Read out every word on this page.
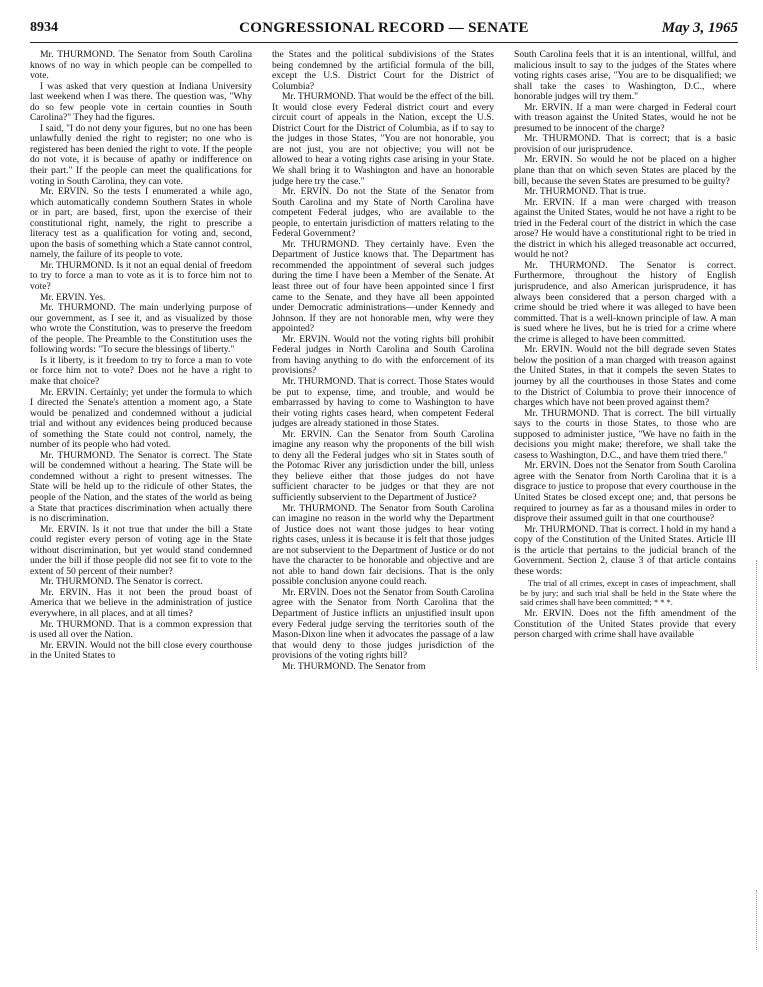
8934	CONGRESSIONAL RECORD — SENATE	May 3, 1965

Mr. THURMOND. The Senator from South Carolina knows of no way in which people can be compelled to vote.

I was asked that very question at Indiana University last weekend when I was there. The question was, "Why do so few people vote in certain counties in South Carolina?" They had the figures.

I said, "I do not deny your figures, but no one has been unlawfully denied the right to register; no one who is registered has been denied the right to vote. If the people do not vote, it is because of apathy or indifference on their part." If the people can meet the qualifications for voting in South Carolina, they can vote.

Mr. ERVIN. So the tests I enumerated a while ago, which automatically condemn Southern States in whole or in part, are based, first, upon the exercise of their constitutional right, namely, the right to prescribe a literacy test as a qualification for voting and, second, upon the basis of something which a State cannot control, namely, the failure of its people to vote.

Mr. THURMOND. Is it not an equal denial of freedom to try to force a man to vote as it is to force him not to vote?

Mr. ERVIN. Yes.

Mr. THURMOND. The main underlying purpose of our government, as I see it, and as visualized by those who wrote the Constitution, was to preserve the freedom of the people. The Preamble to the Constitution uses the following words: "To secure the blessings of liberty."

Is it liberty, is it freedom to try to force a man to vote or force him not to vote? Does not he have a right to make that choice?

Mr. ERVIN. Certainly; yet under the formula to which I directed the Senate's attention a moment ago, a State would be penalized and condemned without a judicial trial and without any evidences being produced because of something the State could not control, namely, the number of its people who had voted.

Mr. THURMOND. The Senator is correct. The State will be condemned without a hearing. The State will be condemned without a right to present witnesses. The State will be held up to the ridicule of other States, the people of the Nation, and the states of the world as being a State that practices discrimination when actually there is no discrimination.

Mr. ERVIN. Is it not true that under the bill a State could register every person of voting age in the State without discrimination, but yet would stand condemned under the bill if those people did not see fit to vote to the extent of 50 percent of their number?

Mr. THURMOND. The Senator is correct.

Mr. ERVIN. Has it not been the proud boast of America that we believe in the administration of justice everywhere, in all places, and at all times?

Mr. THURMOND. That is a common expression that is used all over the Nation.

Mr. ERVIN. Would not the bill close every courthouse in the United States to

the States and the political subdivisions of the States being condemned by the artificial formula of the bill, except the U.S. District Court for the District of Columbia?

Mr. THURMOND. That would be the effect of the bill. It would close every Federal district court and every circuit court of appeals in the Nation, except the U.S. District Court for the District of Columbia, as if to say to the judges in those States, "You are not honorable, you are not just, you are not objective; you will not be allowed to hear a voting rights case arising in your State. We shall bring it to Washington and have an honorable judge here try the case."

Mr. ERVIN. Do not the State of the Senator from South Carolina and my State of North Carolina have competent Federal judges, who are available to the people, to entertain jurisdiction of matters relating to the Federal Government?

Mr. THURMOND. They certainly have. Even the Department of Justice knows that. The Department has recommended the appointment of several such judges during the time I have been a Member of the Senate. At least three out of four have been appointed since I first came to the Senate, and they have all been appointed under Democratic administrations—under Kennedy and Johnson. If they are not honorable men, why were they appointed?

Mr. ERVIN. Would not the voting rights bill prohibit Federal judges in North Carolina and South Carolina from having anything to do with the enforcement of its provisions?

Mr. THURMOND. That is correct. Those States would be put to expense, time, and trouble, and would be embarrassed by having to come to Washington to have their voting rights cases heard, when competent Federal judges are already stationed in those States.

Mr. ERVIN. Can the Senator from South Carolina imagine any reason why the proponents of the bill wish to deny all the Federal judges who sit in States south of the Potomac River any jurisdiction under the bill, unless they believe either that those judges do not have sufficient character to be judges or that they are not sufficiently subservient to the Department of Justice?

Mr. THURMOND. The Senator from South Carolina can imagine no reason in the world why the Department of Justice does not want those judges to hear voting rights cases, unless it is because it is felt that those judges are not subservient to the Department of Justice or do not have the character to be honorable and objective and are not able to hand down fair decisions. That is the only possible conclusion anyone could reach.

Mr. ERVIN. Does not the Senator from South Carolina agree with the Senator from North Carolina that the Department of Justice inflicts an unjustified insult upon every Federal judge serving the territories south of the Mason-Dixon line when it advocates the passage of a law that would deny to those judges jurisdiction of the provisions of the voting rights bill?

Mr. THURMOND. The Senator from

South Carolina feels that it is an intentional, willful, and malicious insult to say to the judges of the States where voting rights cases arise, "You are to be disqualified; we shall take the cases to Washington, D.C., where honorable judges will try them."

Mr. ERVIN. If a man were charged in Federal court with treason against the United States, would he not be presumed to be innocent of the charge?

Mr. THURMOND. That is correct; that is a basic provision of our jurisprudence.

Mr. ERVIN. So would he not be placed on a higher plane than that on which seven States are placed by the bill, because the seven States are presumed to be guilty?

Mr. THURMOND. That is true.

Mr. ERVIN. If a man were charged with treason against the United States, would he not have a right to be tried in the Federal court of the district in which the case arose? He would have a constitutional right to be tried in the district in which his alleged treasonable act occurred, would he not?

Mr. THURMOND. The Senator is correct. Furthermore, throughout the history of English jurisprudence, and also American jurisprudence, it has always been considered that a person charged with a crime should be tried where it was alleged to have been committed. That is a well-known principle of law. A man is sued where he lives, but he is tried for a crime where the crime is alleged to have been committed.

Mr. ERVIN. Would not the bill degrade seven States below the position of a man charged with treason against the United States, in that it compels the seven States to journey by all the courthouses in those States and come to the District of Columbia to prove their innocence of charges which have not been proved against them?

Mr. THURMOND. That is correct. The bill virtually says to the courts in those States, to those who are supposed to administer justice, "We have no faith in the decisions you might make; therefore, we shall take the casess to Washington, D.C., and have them tried there."

Mr. ERVIN. Does not the Senator from South Carolina agree with the Senator from North Carolina that it is a disgrace to justice to propose that every courthouse in the United States be closed except one; and, that persons be required to journey as far as a thousand miles in order to disprove their assumed guilt in that one courthouse?

Mr. THURMOND. That is correct. I hold in my hand a copy of the Constitution of the United States. Article III is the article that pertains to the judicial branch of the Government. Section 2, clause 3 of that article contains these words:

The trial of all crimes, except in cases of impeachment, shall be by jury; and such trial shall be held in the State where the said crimes shall have been committed; * * *.

Mr. ERVIN. Does not the fifth amendment of the Constitution of the United States provide that every person charged with crime shall have available
